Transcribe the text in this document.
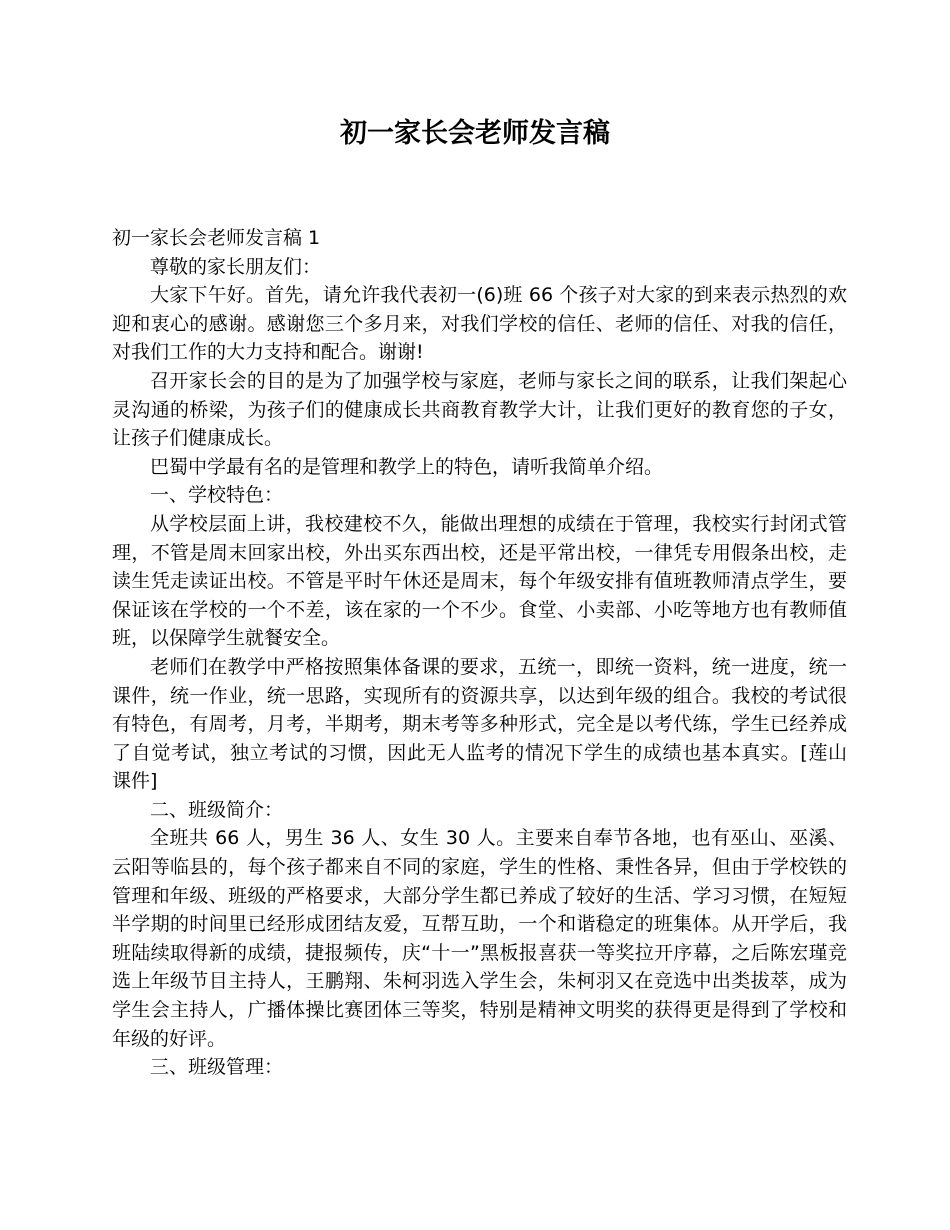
初一家长会老师发言稿

初一家长会老师发言稿 1

尊敬的家长朋友们：

大家下午好。首先，请允许我代表初一(6)班 66 个孩子对大家的到来表示热烈的欢迎和衷心的感谢。感谢您三个多月来，对我们学校的信任、老师的信任、对我的信任，对我们工作的大力支持和配合。谢谢!

召开家长会的目的是为了加强学校与家庭，老师与家长之间的联系，让我们架起心灵沟通的桥梁，为孩子们的健康成长共商教育教学大计，让我们更好的教育您的子女，让孩子们健康成长。

巴蜀中学最有名的是管理和教学上的特色，请听我简单介绍。

一、学校特色：

从学校层面上讲，我校建校不久，能做出理想的成绩在于管理，我校实行封闭式管理，不管是周末回家出校，外出买东西出校，还是平常出校，一律凭专用假条出校，走读生凭走读证出校。不管是平时午休还是周末，每个年级安排有值班教师清点学生，要保证该在学校的一个不差，该在家的一个不少。食堂、小卖部、小吃等地方也有教师值班，以保障学生就餐安全。

老师们在教学中严格按照集体备课的要求，五统一，即统一资料，统一进度，统一课件，统一作业，统一思路，实现所有的资源共享，以达到年级的组合。我校的考试很有特色，有周考，月考，半期考，期末考等多种形式，完全是以考代练，学生已经养成了自觉考试，独立考试的习惯，因此无人监考的情况下学生的成绩也基本真实。[莲山 课件]

二、班级简介：

全班共 66 人，男生 36 人、女生 30 人。主要来自奉节各地，也有巫山、巫溪、云阳等临县的，每个孩子都来自不同的家庭，学生的性格、秉性各异，但由于学校铁的管理和年级、班级的严格要求，大部分学生都已养成了较好的生活、学习习惯，在短短半学期的时间里已经形成团结友爱，互帮互助，一个和谐稳定的班集体。从开学后，我班陆续取得新的成绩，捷报频传，庆“十一”黑板报喜获一等奖拉开序幕，之后陈宏瑾竞选上年级节目主持人，王鹏翔、朱柯羽选入学生会，朱柯羽又在竞选中出类拔萃，成为学生会主持人，广播体操比赛团体三等奖，特别是精神文明奖的获得更是得到了学校和年级的好评。

三、班级管理：
